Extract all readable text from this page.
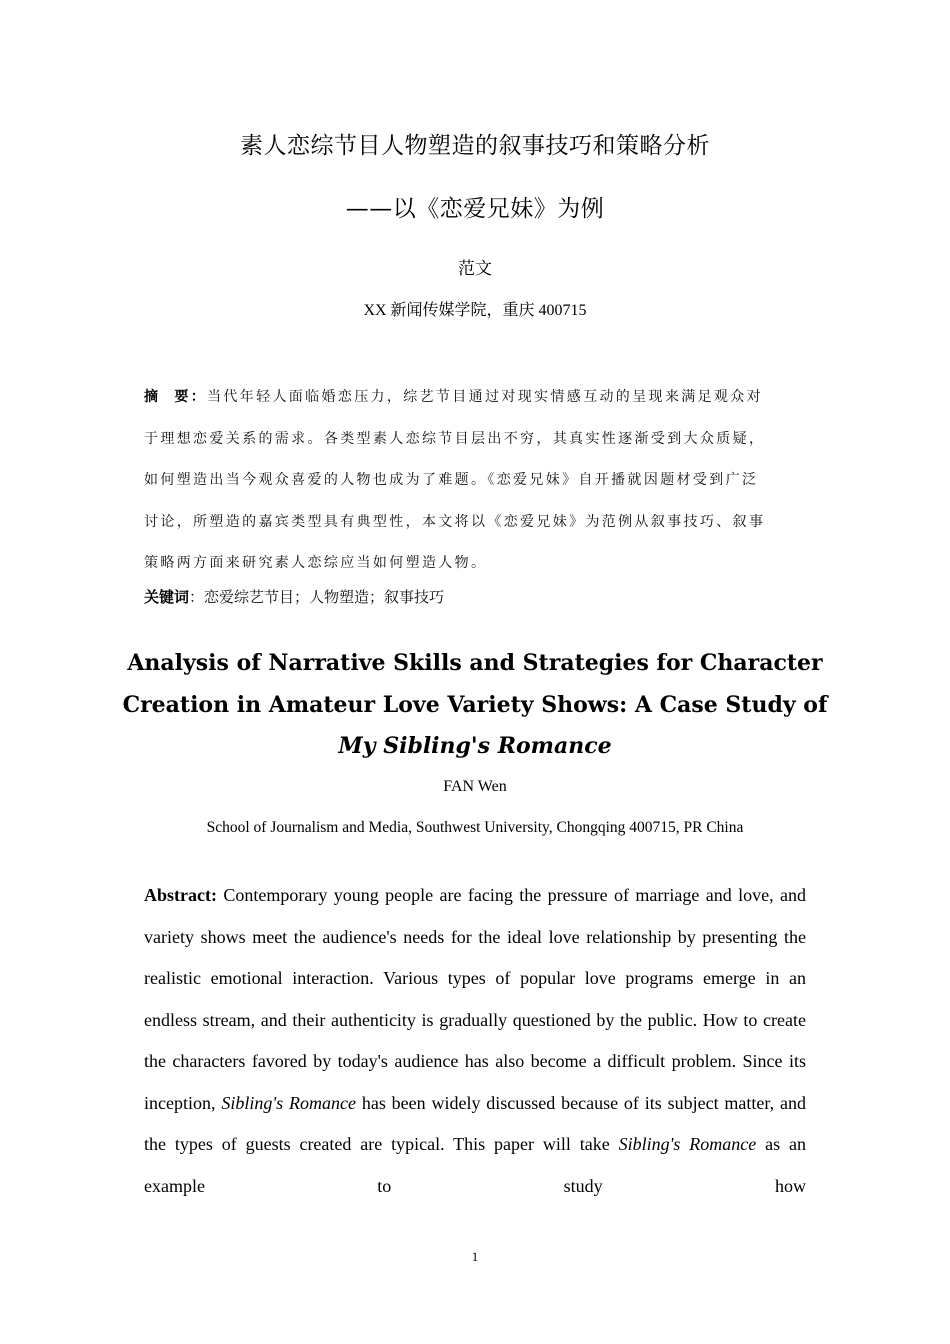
素人恋综节目人物塑造的叙事技巧和策略分析
——以《恋爱兄妹》为例
范文
XX 新闻传媒学院，重庆 400715
摘 要：当代年轻人面临婚恋压力，综艺节目通过对现实情感互动的呈现来满足观众对于理想恋爱关系的需求。各类型素人恋综节目层出不穷，其真实性逐渐受到大众质疑，如何塑造出当今观众喜爱的人物也成为了难题。《恋爱兄妹》自开播就因题材受到广泛讨论，所塑造的嘉宾类型具有典型性，本文将以《恋爱兄妹》为范例从叙事技巧、叙事策略两方面来研究素人恋综应当如何塑造人物。
关键词：恋爱综艺节目；人物塑造；叙事技巧
Analysis of Narrative Skills and Strategies for Character Creation in Amateur Love Variety Shows: A Case Study of
My Sibling's Romance
FAN Wen
School of Journalism and Media, Southwest University, Chongqing 400715, PR China
Abstract: Contemporary young people are facing the pressure of marriage and love, and variety shows meet the audience's needs for the ideal love relationship by presenting the realistic emotional interaction. Various types of popular love programs emerge in an endless stream, and their authenticity is gradually questioned by the public. How to create the characters favored by today's audience has also become a difficult problem. Since its inception, Sibling's Romance has been widely discussed because of its subject matter, and the types of guests created are typical. This paper will take Sibling's Romance as an example to study how
1
